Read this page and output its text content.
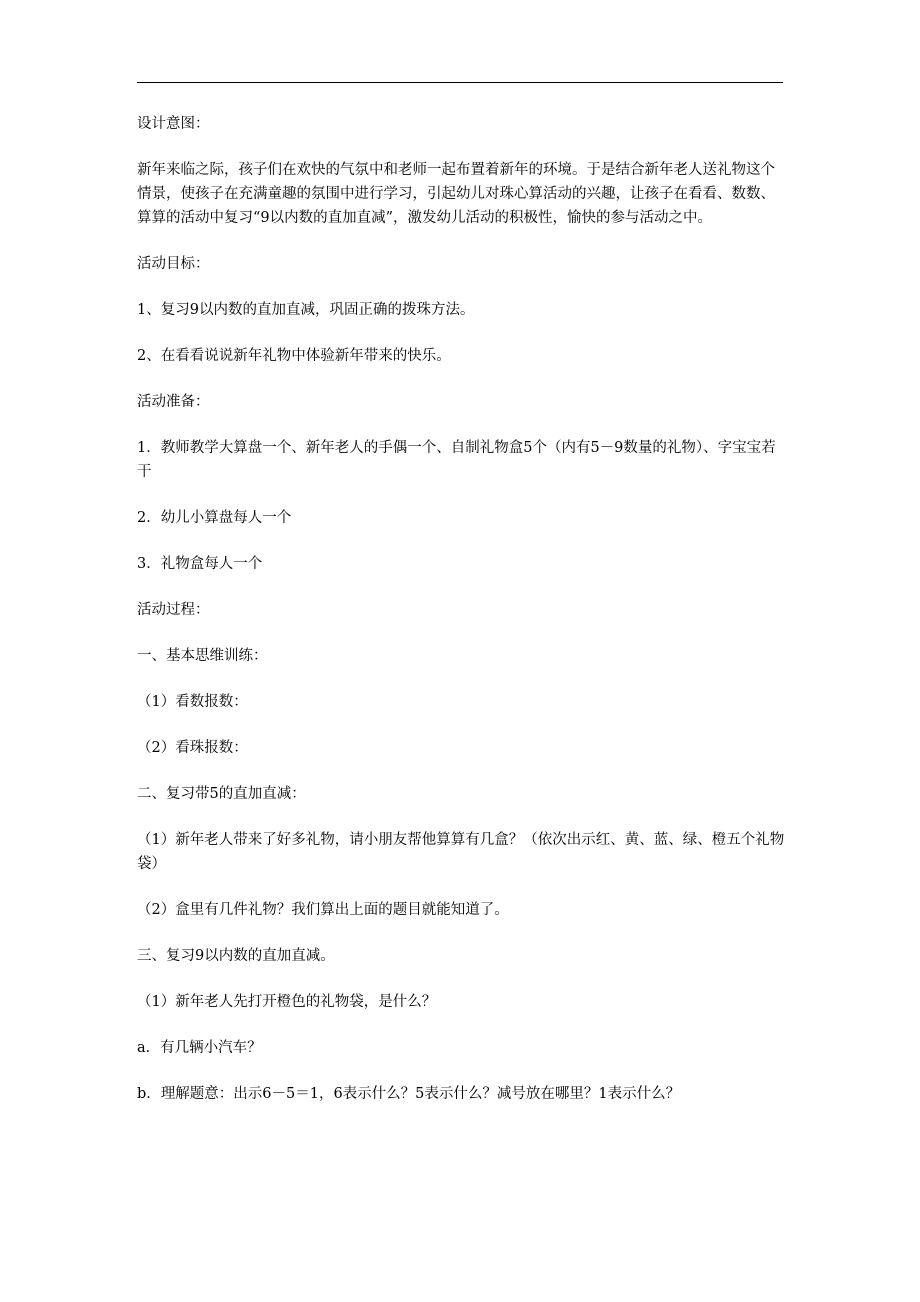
设计意图：

新年来临之际，孩子们在欢快的气氛中和老师一起布置着新年的环境。于是结合新年老人送礼物这个情景，使孩子在充满童趣的氛围中进行学习，引起幼儿对珠心算活动的兴趣，让孩子在看看、数数、算算的活动中复习“9以内数的直加直减”，激发幼儿活动的积极性，愉快的参与活动之中。

活动目标：

1、复习9以内数的直加直减，巩固正确的拨珠方法。

2、在看看说说新年礼物中体验新年带来的快乐。

活动准备：

1．教师教学大算盘一个、新年老人的手偶一个、自制礼物盒5个（内有5－9数量的礼物）、字宝宝若干

2．幼儿小算盘每人一个

3．礼物盒每人一个

活动过程：

一、基本思维训练：

（1）看数报数：

（2）看珠报数：

二、复习带5的直加直减：

（1）新年老人带来了好多礼物，请小朋友帮他算算有几盒？（依次出示红、黄、蓝、绿、橙五个礼物袋）

（2）盒里有几件礼物？我们算出上面的题目就能知道了。

三、复习9以内数的直加直减。

（1）新年老人先打开橙色的礼物袋，是什么？

a．有几辆小汽车？

b．理解题意：出示6－5＝1，6表示什么？5表示什么？减号放在哪里？1表示什么？
